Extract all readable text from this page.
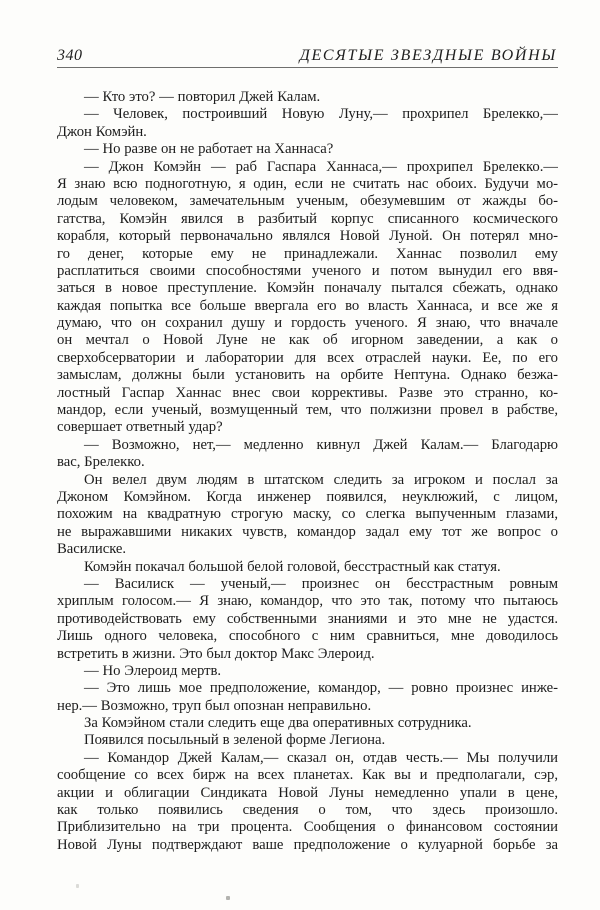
340	ДЕСЯТЫЕ ЗВЕЗДНЫЕ ВОЙНЫ
— Кто это? — повторил Джей Калам.
— Человек, построивший Новую Луну,— прохрипел Брелекко,—
Джон Комэйн.
— Но разве он не работает на Ханнаса?
— Джон Комэйн — раб Гаспара Ханнаса,— прохрипел Брелекко.—
Я знаю всю подноготную, я один, если не считать нас обоих. Будучи мо-
лодым человеком, замечательным ученым, обезумевшим от жажды бо-
гатства, Комэйн явился в разбитый корпус списанного космического
корабля, который первоначально являлся Новой Луной. Он потерял мно-
го денег, которые ему не принадлежали. Ханнас позволил ему
расплатиться своими способностями ученого и потом вынудил его ввя-
заться в новое преступление. Комэйн поначалу пытался сбежать, однако
каждая попытка все больше ввергала его во власть Ханнаса, и все же я
думаю, что он сохранил душу и гордость ученого. Я знаю, что вначале
он мечтал о Новой Луне не как об игорном заведении, а как о
сверхобсерватории и лаборатории для всех отраслей науки. Ее, по его
замыслам, должны были установить на орбите Нептуна. Однако безжа-
лостный Гаспар Ханнас внес свои коррективы. Разве это странно, ко-
мандор, если ученый, возмущенный тем, что полжизни провел в рабстве,
совершает ответный удар?
— Возможно, нет,— медленно кивнул Джей Калам.— Благодарю
вас, Брелекко.
Он велел двум людям в штатском следить за игроком и послал за
Джоном Комэйном. Когда инженер появился, неуклюжий, с лицом,
похожим на квадратную строгую маску, со слегка выпученным глазами,
не выражавшими никаких чувств, командор задал ему тот же вопрос о
Василиске.
Комэйн покачал большой белой головой, бесстрастный как статуя.
— Василиск — ученый,— произнес он бесстрастным ровным
хриплым голосом.— Я знаю, командор, что это так, потому что пытаюсь
противодействовать ему собственными знаниями и это мне не удастся.
Лишь одного человека, способного с ним сравниться, мне доводилось
встретить в жизни. Это был доктор Макс Элероид.
— Но Элероид мертв.
— Это лишь мое предположение, командор, — ровно произнес инже-
нер.— Возможно, труп был опознан неправильно.
За Комэйном стали следить еще два оперативных сотрудника.
Появился посыльный в зеленой форме Легиона.
— Командор Джей Калам,— сказал он, отдав честь.— Мы получили
сообщение со всех бирж на всех планетах. Как вы и предполагали, сэр,
акции и облигации Синдиката Новой Луны немедленно упали в цене,
как только появились сведения о том, что здесь произошло.
Приблизительно на три процента. Сообщения о финансовом состоянии
Новой Луны подтверждают ваше предположение о кулуарной борьбе за
